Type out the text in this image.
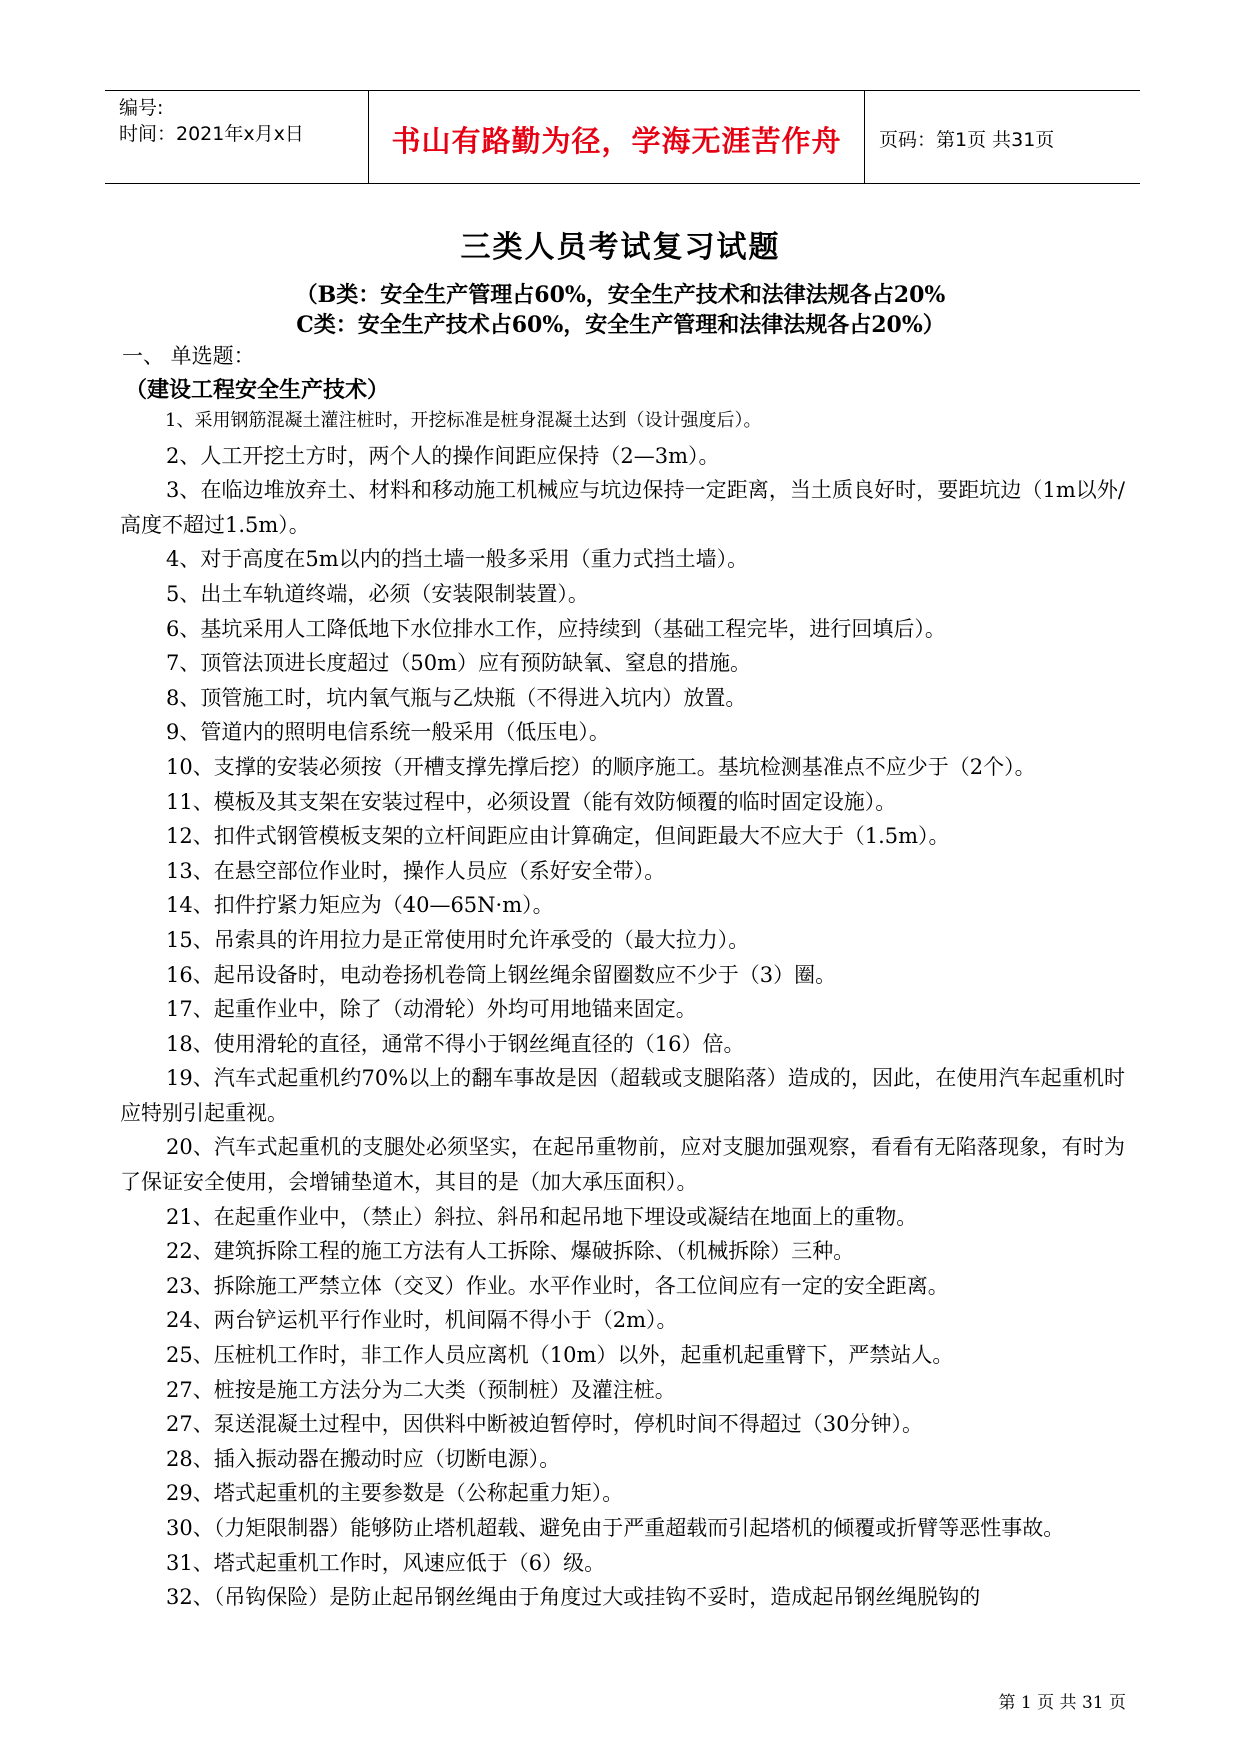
编号:
时间：2021年x月x日	书山有路勤为径，学海无涯苦作舟	页码：第1页 共31页
三类人员考试复习试题
（B类：安全生产管理占60%，安全生产技术和法律法规各占20%
C类：安全生产技术占60%，安全生产管理和法律法规各占20%）
一、 单选题：
（建设工程安全生产技术）

1、采用钢筋混凝土灌注桩时，开挖标准是桩身混凝土达到（设计强度后）。

2、人工开挖土方时，两个人的操作间距应保持（2—3m）。

3、在临边堆放弃土、材料和移动施工机械应与坑边保持一定距离，当土质良好时，要距坑边（1m以外/高度不超过1.5m）。

4、对于高度在5m以内的挡土墙一般多采用（重力式挡土墙）。

5、出土车轨道终端，必须（安装限制装置）。

6、基坑采用人工降低地下水位排水工作，应持续到（基础工程完毕，进行回填后）。

7、顶管法顶进长度超过（50m）应有预防缺氧、窒息的措施。

8、顶管施工时，坑内氧气瓶与乙炔瓶（不得进入坑内）放置。

9、管道内的照明电信系统一般采用（低压电）。

10、支撑的安装必须按（开槽支撑先撑后挖）的顺序施工。基坑检测基准点不应少于（2个）。

11、模板及其支架在安装过程中，必须设置（能有效防倾覆的临时固定设施）。

12、扣件式钢管模板支架的立杆间距应由计算确定，但间距最大不应大于（1.5m）。

13、在悬空部位作业时，操作人员应（系好安全带）。

14、扣件拧紧力矩应为（40—65N·m）。

15、吊索具的许用拉力是正常使用时允许承受的（最大拉力）。

16、起吊设备时，电动卷扬机卷筒上钢丝绳余留圈数应不少于（3）圈。

17、起重作业中，除了（动滑轮）外均可用地锚来固定。

18、使用滑轮的直径，通常不得小于钢丝绳直径的（16）倍。

19、汽车式起重机约70%以上的翻车事故是因（超载或支腿陷落）造成的，因此，在使用汽车起重机时应特别引起重视。

20、汽车式起重机的支腿处必须坚实，在起吊重物前，应对支腿加强观察，看看有无陷落现象，有时为了保证安全使用，会增铺垫道木，其目的是（加大承压面积）。

21、在起重作业中，（禁止）斜拉、斜吊和起吊地下埋设或凝结在地面上的重物。

22、建筑拆除工程的施工方法有人工拆除、爆破拆除、（机械拆除）三种。

23、拆除施工严禁立体（交叉）作业。水平作业时，各工位间应有一定的安全距离。

24、两台铲运机平行作业时，机间隔不得小于（2m）。

25、压桩机工作时，非工作人员应离机（10m）以外，起重机起重臂下，严禁站人。

27、桩按是施工方法分为二大类（预制桩）及灌注桩。

27、泵送混凝土过程中，因供料中断被迫暂停时，停机时间不得超过（30分钟）。

28、插入振动器在搬动时应（切断电源）。

29、塔式起重机的主要参数是（公称起重力矩）。

30、（力矩限制器）能够防止塔机超载、避免由于严重超载而引起塔机的倾覆或折臂等恶性事故。

31、塔式起重机工作时，风速应低于（6）级。

32、（吊钩保险）是防止起吊钢丝绳由于角度过大或挂钩不妥时，造成起吊钢丝绳脱钩的

第 1 页 共 31 页
